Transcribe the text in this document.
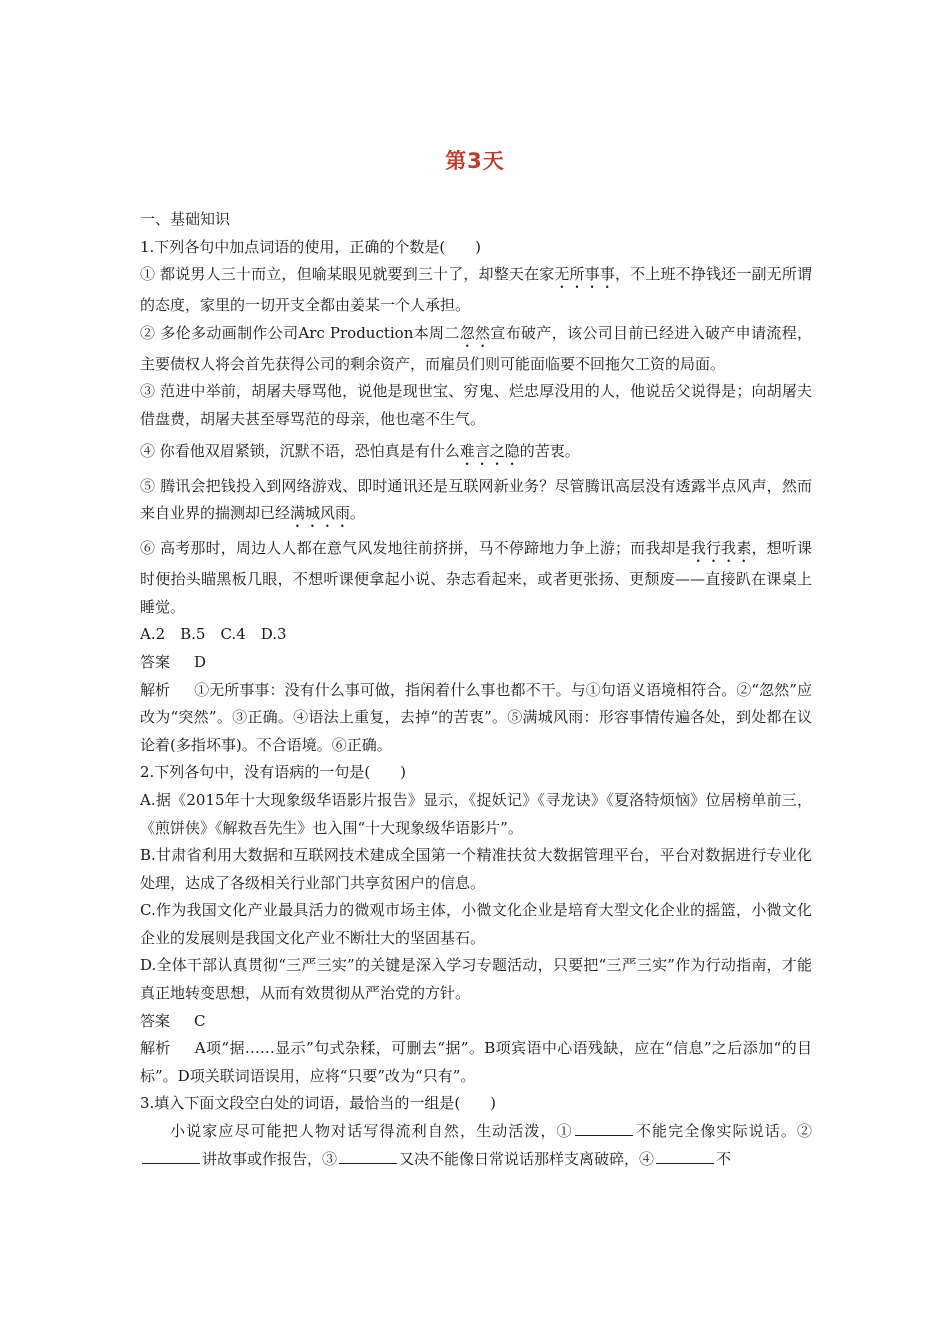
第3天

一、基础知识

1.下列各句中加点词语的使用，正确的个数是(　　)

① 都说男人三十而立，但喻某眼见就要到三十了，却整天在家无所事事，不上班不挣钱还一副无所谓的态度，家里的一切开支全都由姜某一个人承担。

② 多伦多动画制作公司Arc Production本周二忽然宣布破产，该公司目前已经进入破产申请流程，主要债权人将会首先获得公司的剩余资产，而雇员们则可能面临要不回拖欠工资的局面。

③ 范进中举前，胡屠夫辱骂他，说他是现世宝、穷鬼、烂忠厚没用的人，他说岳父说得是；向胡屠夫借盘费，胡屠夫甚至辱骂范的母亲，他也毫不生气。

④ 你看他双眉紧锁，沉默不语，恐怕真是有什么难言之隐的苦衷。

⑤ 腾讯会把钱投入到网络游戏、即时通讯还是互联网新业务？尽管腾讯高层没有透露半点风声，然而来自业界的揣测却已经满城风雨。

⑥ 高考那时，周边人人都在意气风发地往前挤拼，马不停蹄地力争上游；而我却是我行我素，想听课时便抬头瞄黑板几眼，不想听课便拿起小说、杂志看起来，或者更张扬、更颓废——直接趴在课桌上睡觉。

A.2　B.5　C.4　D.3

答案 D

解析 ①无所事事：没有什么事可做，指闲着什么事也都不干。与①句语义语境相符合。②“忽然”应改为“突然”。③正确。④语法上重复，去掉“的苦衷”。⑤满城风雨：形容事情传遍各处，到处都在议论着(多指坏事)。不合语境。⑥正确。

2.下列各句中，没有语病的一句是(　　)

A.据《2015年十大现象级华语影片报告》显示，《捉妖记》《寻龙诀》《夏洛特烦恼》位居榜单前三，《煎饼侠》《解救吾先生》也入围“十大现象级华语影片”。

B.甘肃省利用大数据和互联网技术建成全国第一个精准扶贫大数据管理平台，平台对数据进行专业化处理，达成了各级相关行业部门共享贫困户的信息。

C.作为我国文化产业最具活力的微观市场主体，小微文化企业是培育大型文化企业的摇篮，小微文化企业的发展则是我国文化产业不断壮大的坚固基石。

D.全体干部认真贯彻“三严三实”的关键是深入学习专题活动，只要把“三严三实”作为行动指南，才能真正地转变思想，从而有效贯彻从严治党的方针。

答案 C

解析 A项“据……显示”句式杂糅，可删去“据”。B项宾语中心语残缺，应在“信息”之后添加“的目标”。D项关联词语误用，应将“只要”改为“只有”。

3.填入下面文段空白处的词语，最恰当的一组是(　　)

小说家应尽可能把人物对话写得流利自然，生动活泼，①	不能完全像实际说话。②讲故事或作报告，③	又决不能像日常说话那样支离破碎，④	不
